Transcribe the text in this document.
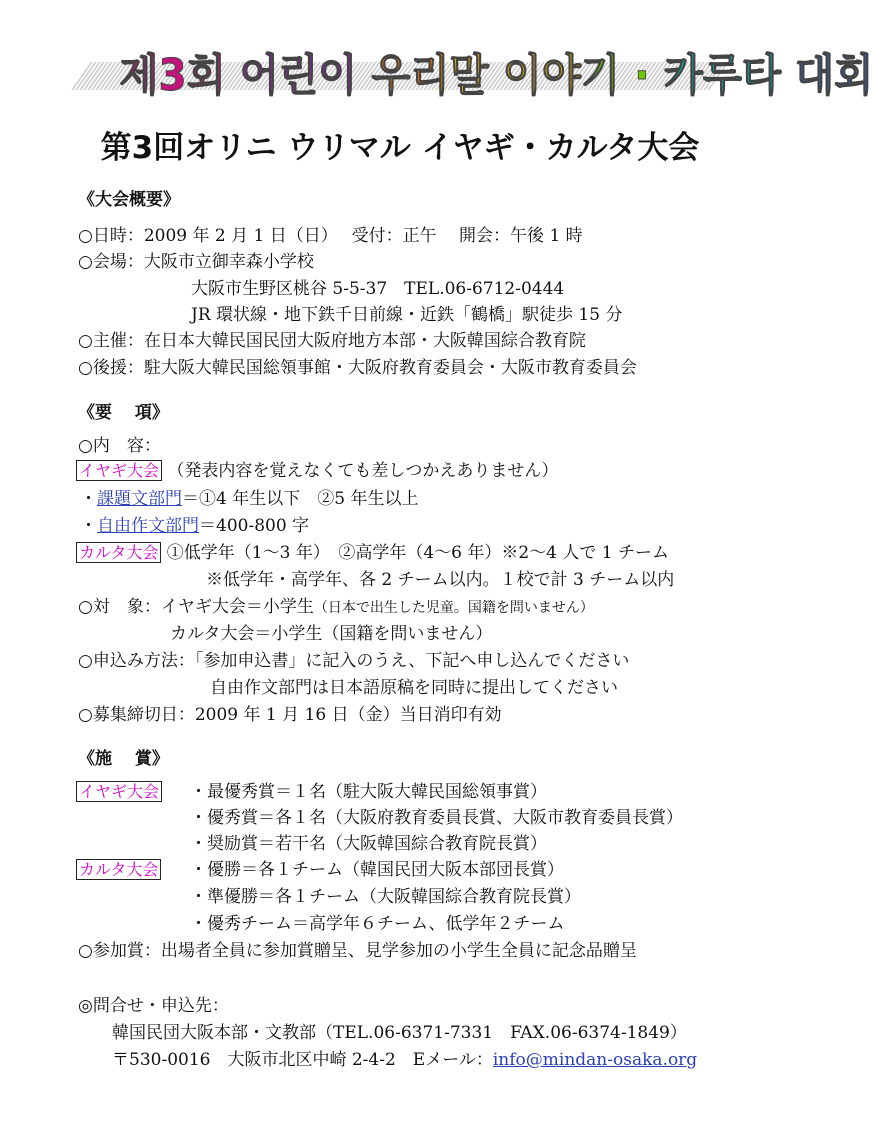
제3회 어린이 우리말 이야기 · 카루타 대회
第3回オリニ ウリマル イヤギ・カルタ大会
《大会概要》
○日時：2009 年 2 月 1 日（日）　 受付：正午　 開会：午後 1 時
○会場：大阪市立御幸森小学校
大阪市生野区桃谷 5-5-37　TEL.06-6712-0444
JR 環状線・地下鉄千日前線・近鉄「鶴橋」駅徒歩 15 分
○主催：在日本大韓民国民団大阪府地方本部・大阪韓国綜合教育院
○後援：駐大阪大韓民国総領事館・大阪府教育委員会・大阪市教育委員会
《要　 項》
○内　容：
イヤギ大会 （発表内容を覚えなくても差しつかえありません）
・課題文部門＝①4 年生以下　②5 年生以上
・自由作文部門＝400-800 字
カルタ大会 ①低学年（1～3 年）　②高学年（4～6 年）※2～4 人で 1 チーム
※低学年・高学年、各 2 チーム以内。１校で計 3 チーム以内
○対　象：イヤギ大会＝小学生（日本で出生した児童。国籍を問いません）
カルタ大会＝小学生（国籍を問いません）
○申込み方法：「参加申込書」に記入のうえ、下記へ申し込んでください
自由作文部門は日本語原稿を同時に提出してください
○募集締切日：2009 年 1 月 16 日（金）当日消印有効
《施　 賞》
イヤギ大会 ・最優秀賞＝１名（駐大阪大韓民国総領事賞）
・優秀賞＝各１名（大阪府教育委員長賞、大阪市教育委員長賞）
・奨励賞＝若干名（大阪韓国綜合教育院長賞）
カルタ大会 ・優勝＝各１チーム（韓国民団大阪本部団長賞）
・準優勝＝各１チーム（大阪韓国綜合教育院長賞）
・優秀チーム＝高学年６チーム、低学年２チーム
○参加賞：出場者全員に参加賞贈呈、見学参加の小学生全員に記念品贈呈
◎問合せ・申込先：
韓国民団大阪本部・文教部（TEL.06-6371-7331　FAX.06-6374-1849）
〒530-0016　大阪市北区中崎 2-4-2　Eメール：info@mindan-osaka.org
